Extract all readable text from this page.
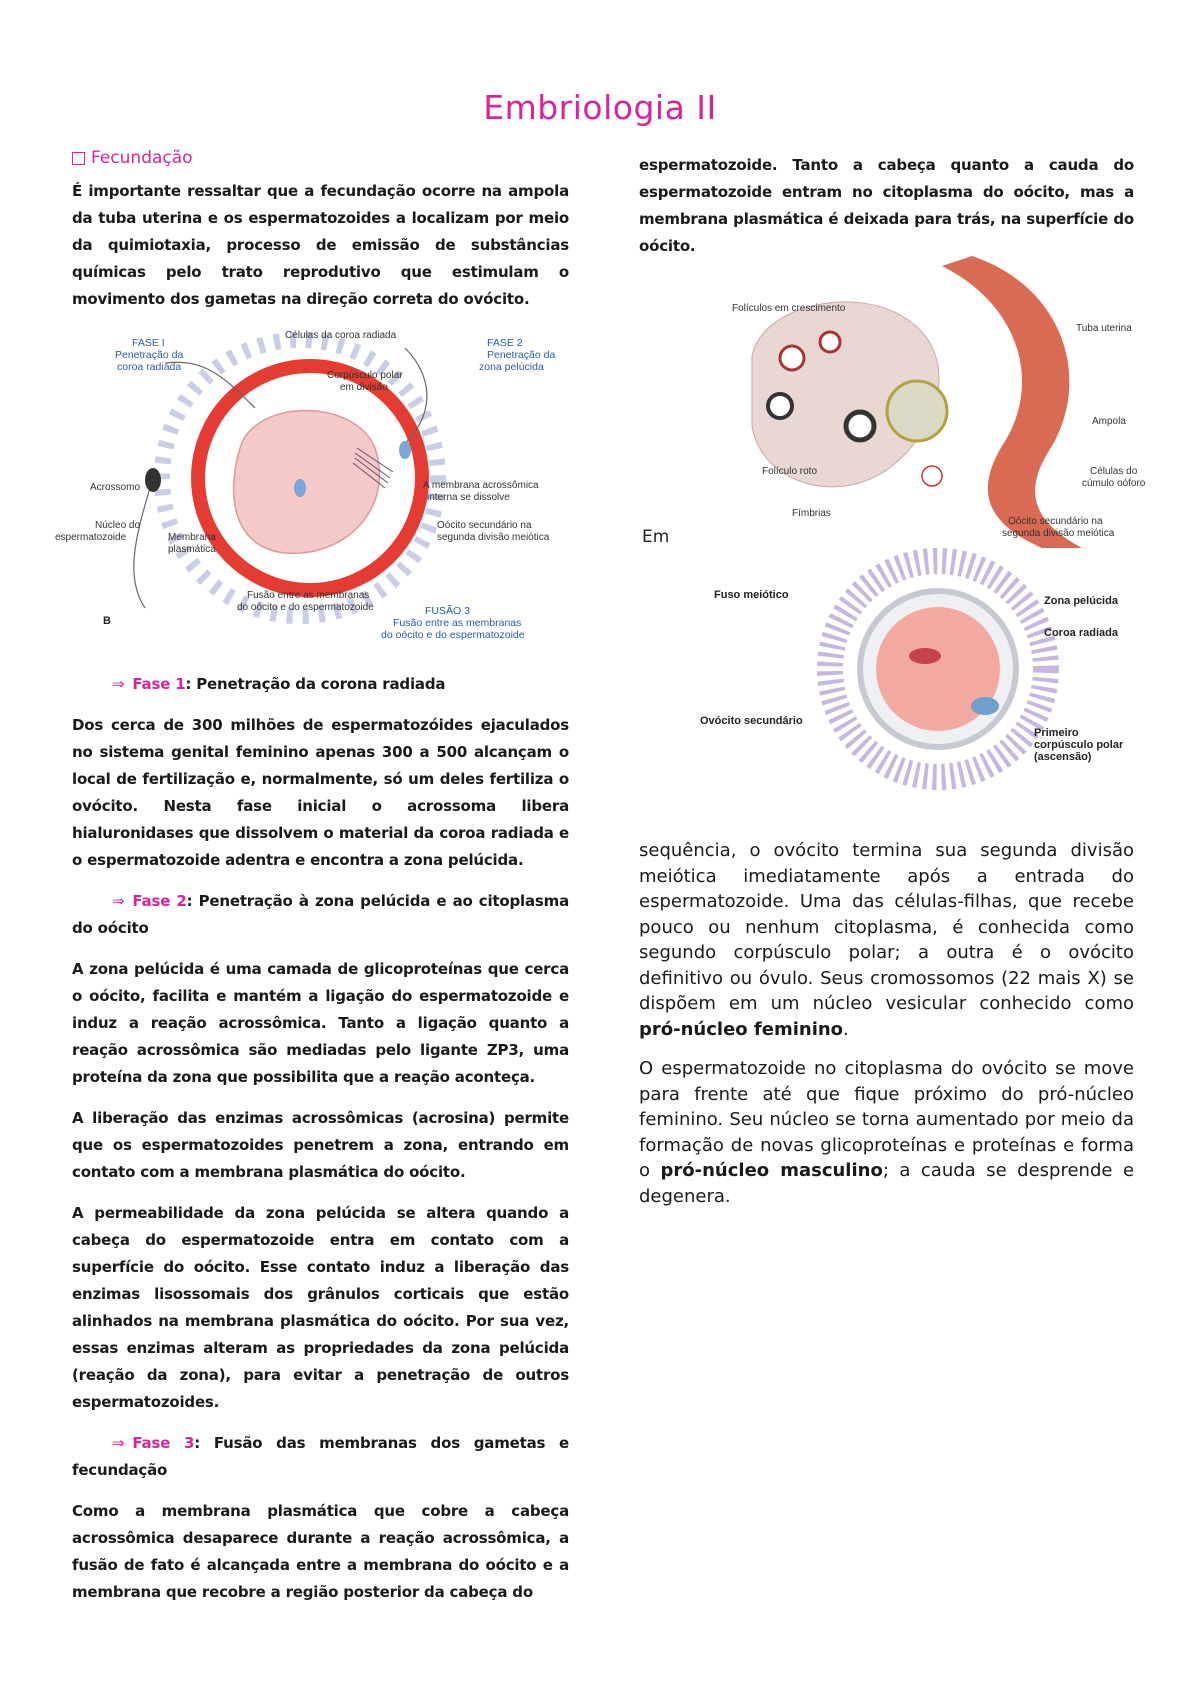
Embriologia II
Fecundação

É importante ressaltar que a fecundação ocorre na ampola da tuba uterina e os espermatozoides a localizam por meio da quimiotaxia, processo de emissão de substâncias químicas pelo trato reprodutivo que estimulam o movimento dos gametas na direção correta do ovócito.

⇒ Fase 1: Penetração da corona radiada

Dos cerca de 300 milhões de espermatozóides ejaculados no sistema genital feminino apenas 300 a 500 alcançam o local de fertilização e, normalmente, só um deles fertiliza o ovócito. Nesta fase inicial o acrossoma libera hialuronidases que dissolvem o material da coroa radiada e o espermatozoide adentra e encontra a zona pelúcida.

⇒ Fase 2: Penetração à zona pelúcida e ao citoplasma do oócito

A zona pelúcida é uma camada de glicoproteínas que cerca o oócito, facilita e mantém a ligação do espermatozoide e induz a reação acrossômica. Tanto a ligação quanto a reação acrossômica são mediadas pelo ligante ZP3, uma proteína da zona que possibilita que a reação aconteça.

A liberação das enzimas acrossômicas (acrosina) permite que os espermatozoides penetrem a zona, entrando em contato com a membrana plasmática do oócito.

A permeabilidade da zona pelúcida se altera quando a cabeça do espermatozoide entra em contato com a superfície do oócito. Esse contato induz a liberação das enzimas lisossomais dos grânulos corticais que estão alinhados na membrana plasmática do oócito. Por sua vez, essas enzimas alteram as propriedades da zona pelúcida (reação da zona), para evitar a penetração de outros espermatozoides.

⇒ Fase 3: Fusão das membranas dos gametas e fecundação

Como a membrana plasmática que cobre a cabeça acrossômica desaparece durante a reação acrossômica, a fusão de fato é alcançada entre a membrana do oócito e a membrana que recobre a região posterior da cabeça do

FASE I
Penetração da
coroa radiada
FASE 2
Penetração da
zona pelúcida
Células da coroa radiada
Corpúsculo polar
em divisão
A membrana acrossômica
interna se dissolve
Oócito secundário na
segunda divisão meiótica
Acrossomo
Núcleo do
espermatozoide	Membrana
plasmática
Fusão entre as membranas
do oócito e do espermatozoide	FUSÃO 3
Fusão entre as membranas
do oócito e do espermatozoide
B

espermatozoide. Tanto a cabeça quanto a cauda do espermatozoide entram no citoplasma do oócito, mas a membrana plasmática é deixada para trás, na superfície do oócito.

Folículos em crescimento
Tuba uterina
Ampola
Folículo roto	Células do
cúmulo oóforo
Fímbrias
Oócito secundário na
segunda divisão meiótica
Em
Fuso meiótico	Zona pelúcida
Coroa radiada
Ovócito secundário
Primeiro
corpúsculo polar
(ascensão)

sequência, o ovócito termina sua segunda divisão meiótica imediatamente após a entrada do espermatozoide. Uma das células-filhas, que recebe pouco ou nenhum citoplasma, é conhecida como segundo corpúsculo polar; a outra é o ovócito definitivo ou óvulo. Seus cromossomos (22 mais X) se dispõem em um núcleo vesicular conhecido como pró-núcleo feminino.

O espermatozoide no citoplasma do ovócito se move para frente até que fique próximo do pró-núcleo feminino. Seu núcleo se torna aumentado por meio da formação de novas glicoproteínas e proteínas e forma o pró-núcleo masculino; a cauda se desprende e degenera.
